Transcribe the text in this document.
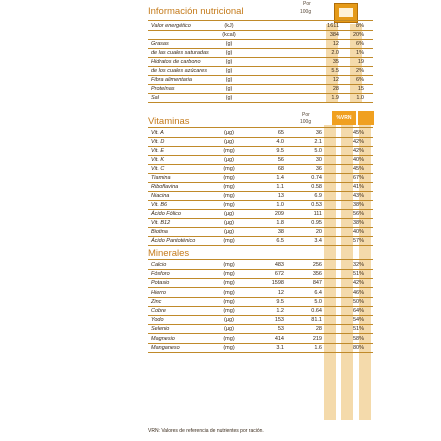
Información nutricional
Por
100g
Valor energético	(kJ)	1611	8%
(kcal)	384	20%
Grasas	(g)	12	6%
de las cuales saturadas	(g)	2.0	1%
Hidratos de carbono	(g)	35	19
de los cuales azúcares	(g)	5.5	2%
Fibra alimentaria	(g)	12	6%
Proteínas	(g)	28	15
Sal	(g)	1.9	1.0
Por
100g
%VRN
Vitaminas
Vit. A	(µg)	65	36	45%
Vit. D	(µg)	4.0	2.1	42%
Vit. E	(mg)	9.5	5.0	42%
Vit. K	(µg)	56	30	40%
Vit. C	(mg)	68	36	45%
Tiamina	(mg)	1.4	0.74	67%
Riboflavina	(mg)	1.1	0.58	41%
Niacina	(mg)	13	6.9	43%
Vit. B6	(mg)	1.0	0.53	38%
Ácido Fólico	(µg)	209	111	56%
Vit. B12	(µg)	1.8	0.95	38%
Biotina	(µg)	38	20	40%
Ácido Pantoténico	(mg)	6.5	3.4	57%
Minerales
Calcio	(mg)	483	256	32%
Fósforo	(mg)	672	356	51%
Potasio	(mg)	1598	847	42%
Hierro	(mg)	12	6.4	46%
Zinc	(mg)	9.5	5.0	50%
Cobre	(mg)	1.2	0.64	64%
Yodo	(µg)	153	81.1	54%
Selenio	(µg)	53	28	51%
Magnesio	(mg)	414	219	58%
Manganeso	(mg)	3.1	1.6	80%
VRN: Valores de referencia de nutrientes por ración.
